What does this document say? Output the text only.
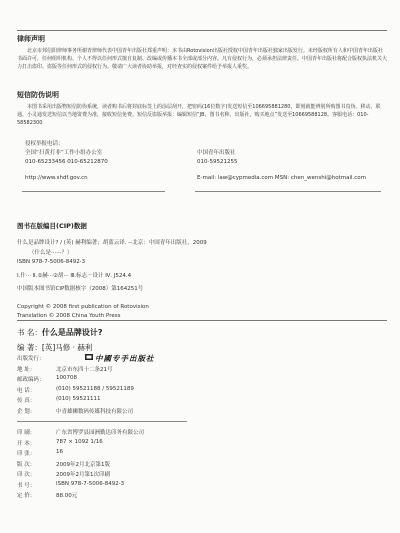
律师声明

北京市邦信阳律师事务所谢青律师代表中国青年出版社郑重声明：本书由Rotovision出版社授权中国青年出版社独家出版发行。未经版权所有人和中国青年出版社书面许可，任何组织机构、个人不得以任何形式擅自复制、改编或传播本书全部或部分内容。凡有侵权行为，必须承担法律责任。中国青年出版社将配合版权执法机关大力打击盗印、盗版等任何形式的侵权行为。敬请广大读者协助举报，对经查实的侵权案件给予举报人重奖。

短信防伪说明

本图书采用出版物短信防伪系统，读者购书后将封底标签上的涂层刮开，把密码(16位数字)发送短信至106695881280，即刻就能辨别所购图书真伪。移动、联通、小灵通发送短信以当地资费为准，接收短信免费。短信反盗版举报：编辑短信“JB，图书名称，出版社，购买地点”发送至10669588128。客服电话：010-58582300

侵权举报电话：
全国“扫黄打非”工作小组办公室	中国青年出版社
010-65233456 010-65212870	010-59521255
http://www.shdf.gov.cn	E-mail: law@cypmedia.com MSN: chen_wenshi@hotmail.com
图书在版编目(CIP)数据
什么是品牌设计? / (英) 赫利编著；胡蓝云译. --北京：中国青年出版社，2009
（什么是······？）
ISBN 978-7-5006-8492-3
Ⅰ.什··· Ⅱ.①赫···②胡··· Ⅲ.标志－设计 Ⅳ. J524.4
中国版本图书馆CIP数据核字（2008）第164251号
Copyright © 2008 first publication of Rotovision
Translation © 2008 China Youth Press
书 名：什么是品牌设计?
编 著：[英]马修 · 赫利
中國专手出版社
出版发行：
地 址：	北京市东四十二条21号
邮政编码： 100708
电 话：	(010) 59521188 / 59521189
传 真：	(010) 59521111
企 划：	中青雄狮数码传媒科技有限公司
印 刷：	广东省博罗县园洲勤达印务有限公司
开 本：	787 × 1092 1/16
印 张：	16
版 次：	2009年2月北京第1版
印 次：	2009年2月第1次印刷
书 号：	ISBN 978-7-5006-8492-3
定 价：	88.00元
